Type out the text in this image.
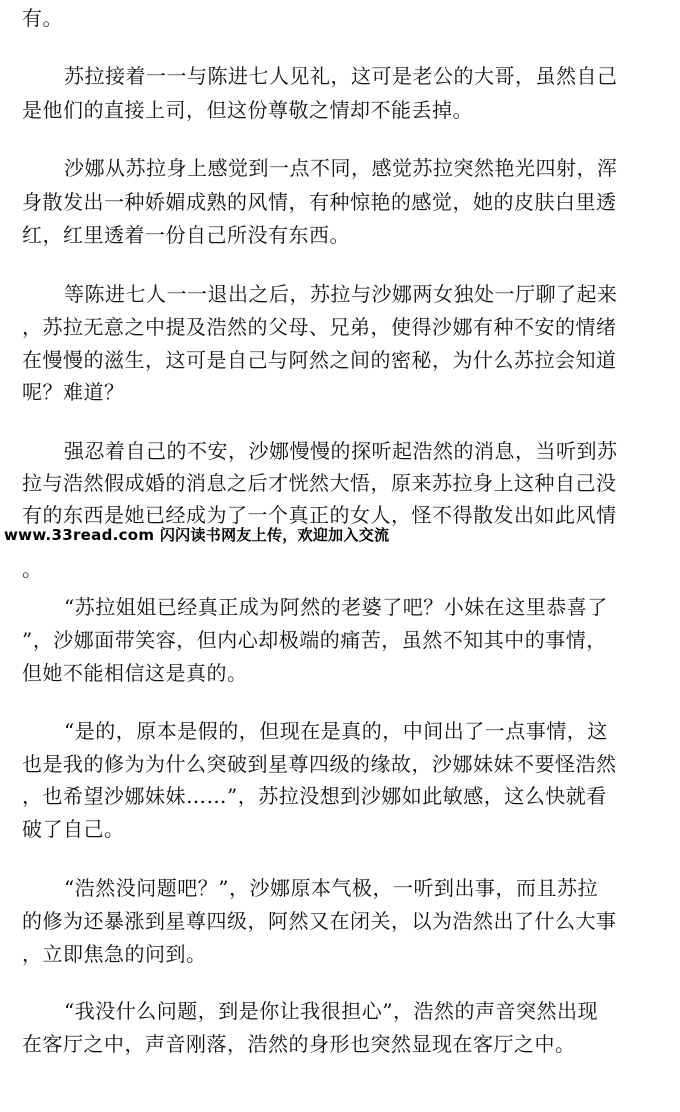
有。
苏拉接着一一与陈进七人见礼，这可是老公的大哥，虽然自己
是他们的直接上司，但这份尊敬之情却不能丢掉。
沙娜从苏拉身上感觉到一点不同，感觉苏拉突然艳光四射，浑
身散发出一种娇媚成熟的风情，有种惊艳的感觉，她的皮肤白里透
红，红里透着一份自己所没有东西。
等陈进七人一一退出之后，苏拉与沙娜两女独处一厅聊了起来
，苏拉无意之中提及浩然的父母、兄弟，使得沙娜有种不安的情绪
在慢慢的滋生，这可是自己与阿然之间的密秘，为什么苏拉会知道
呢？难道？
强忍着自己的不安，沙娜慢慢的探听起浩然的消息，当听到苏
拉与浩然假成婚的消息之后才恍然大悟，原来苏拉身上这种自己没
有的东西是她已经成为了一个真正的女人，怪不得散发出如此风情
www.33read.com 闪闪读书网友上传，欢迎加入交流
。
“苏拉姐姐已经真正成为阿然的老婆了吧？小妹在这里恭喜了
”，沙娜面带笑容，但内心却极端的痛苦，虽然不知其中的事情，
但她不能相信这是真的。
“是的，原本是假的，但现在是真的，中间出了一点事情，这
也是我的修为为什么突破到星尊四级的缘故，沙娜妹妹不要怪浩然
，也希望沙娜妹妹……”，苏拉没想到沙娜如此敏感，这么快就看
破了自己。
“浩然没问题吧？”，沙娜原本气极，一听到出事，而且苏拉
的修为还暴涨到星尊四级，阿然又在闭关，以为浩然出了什么大事
，立即焦急的问到。
“我没什么问题，到是你让我很担心”，浩然的声音突然出现
在客厅之中，声音刚落，浩然的身形也突然显现在客厅之中。
